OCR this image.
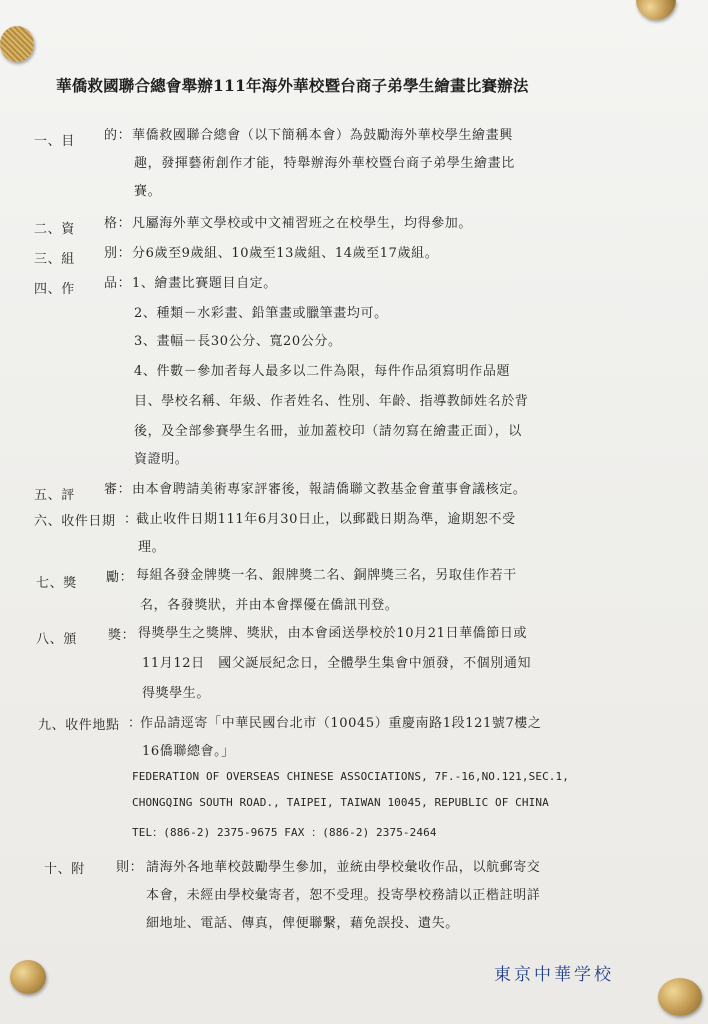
華僑救國聯合總會舉辦111年海外華校暨台商子弟學生繪畫比賽辦法
一、目 的： 華僑救國聯合總會（以下簡稱本會）為鼓勵海外華校學生繪畫興
趣，發揮藝術創作才能，特舉辦海外華校暨台商子弟學生繪畫比
賽。
二、資 格： 凡屬海外華文學校或中文補習班之在校學生，均得參加。
三、組 別： 分6歲至9歲組、10歲至13歲組、14歲至17歲組。
四、作 品： 1、繪畫比賽題目自定。
2、種類－水彩畫、鉛筆畫或臘筆畫均可。
3、畫幅－長30公分、寬20公分。
4、件數－參加者每人最多以二件為限，每件作品須寫明作品題
目、學校名稱、年級、作者姓名、性別、年齡、指導教師姓名於背
後，及全部參賽學生名冊，並加蓋校印（請勿寫在繪畫正面），以
資證明。
五、評 審： 由本會聘請美術專家評審後，報請僑聯文教基金會董事會議核定。
六、收件日期 ：
截止收件日期111年6月30日止，以郵戳日期為準，逾期恕不受
理。
七、獎 勵： 每組各發金牌獎一名、銀牌獎二名、銅牌獎三名，另取佳作若干
名，各發獎狀，并由本會擇優在僑訊刊登。
八、頒 獎： 得獎學生之獎牌、獎狀，由本會函送學校於10月21日華僑節日或
11月12日　國父誕辰紀念日，全體學生集會中頒發，不個別通知
得獎學生。
九、收件地點 ：
作品請逕寄「中華民國台北市（10045）重慶南路1段121號7樓之
16僑聯總會。」
FEDERATION OF OVERSEAS CHINESE ASSOCIATIONS, 7F.-16,NO.121,SEC.1,
CHONGQING SOUTH ROAD., TAIPEI, TAIWAN 10045, REPUBLIC OF CHINA
TEL：(886-2) 2375-9675 FAX ：(886-2) 2375-2464
十、附 則： 請海外各地華校鼓勵學生參加，並統由學校彙收作品，以航郵寄交
本會，未經由學校彙寄者，恕不受理。投寄學校務請以正楷註明詳
細地址、電話、傳真，俾便聯繫，藉免誤投、遺失。
東京中華学校
